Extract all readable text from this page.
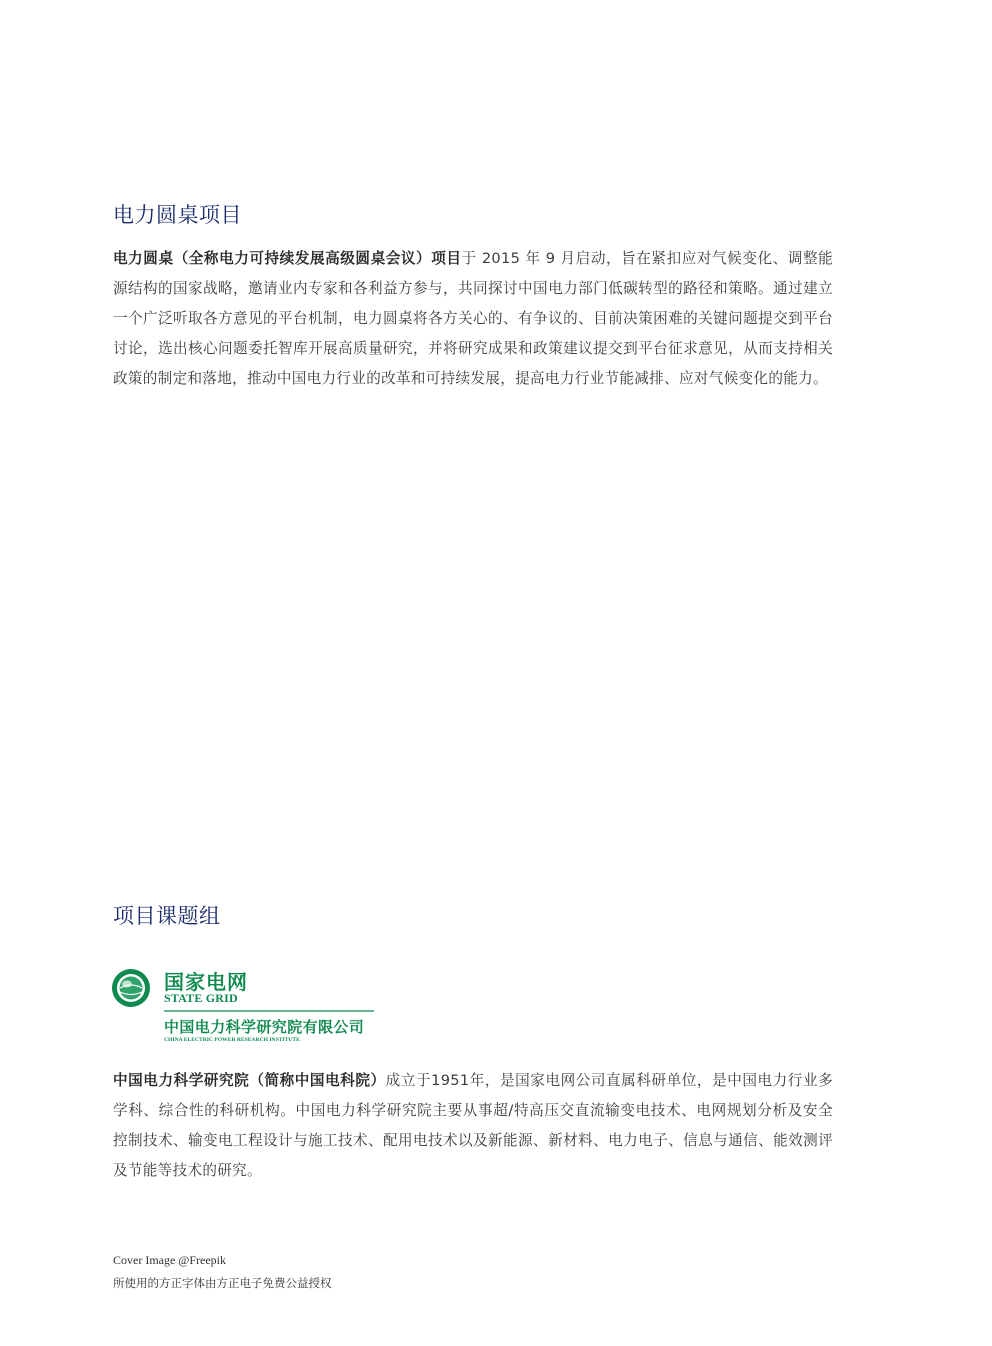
电力圆桌项目
电力圆桌（全称电力可持续发展高级圆桌会议）项目于 2015 年 9 月启动，旨在紧扣应对气候变化、调整能源结构的国家战略，邀请业内专家和各利益方参与，共同探讨中国电力部门低碳转型的路径和策略。通过建立一个广泛听取各方意见的平台机制，电力圆桌将各方关心的、有争议的、目前决策困难的关键问题提交到平台讨论，选出核心问题委托智库开展高质量研究，并将研究成果和政策建议提交到平台征求意见，从而支持相关政策的制定和落地，推动中国电力行业的改革和可持续发展，提高电力行业节能减排、应对气候变化的能力。
项目课题组
国家电网
STATE GRID
中国电力科学研究院有限公司
CHINA ELECTRIC POWER RESEARCH INSTITUTE
中国电力科学研究院（简称中国电科院）成立于1951年，是国家电网公司直属科研单位，是中国电力行业多学科、综合性的科研机构。中国电力科学研究院主要从事超/特高压交直流输变电技术、电网规划分析及安全控制技术、输变电工程设计与施工技术、配用电技术以及新能源、新材料、电力电子、信息与通信、能效测评及节能等技术的研究。
Cover Image @Freepik
所使用的方正字体由方正电子免费公益授权
